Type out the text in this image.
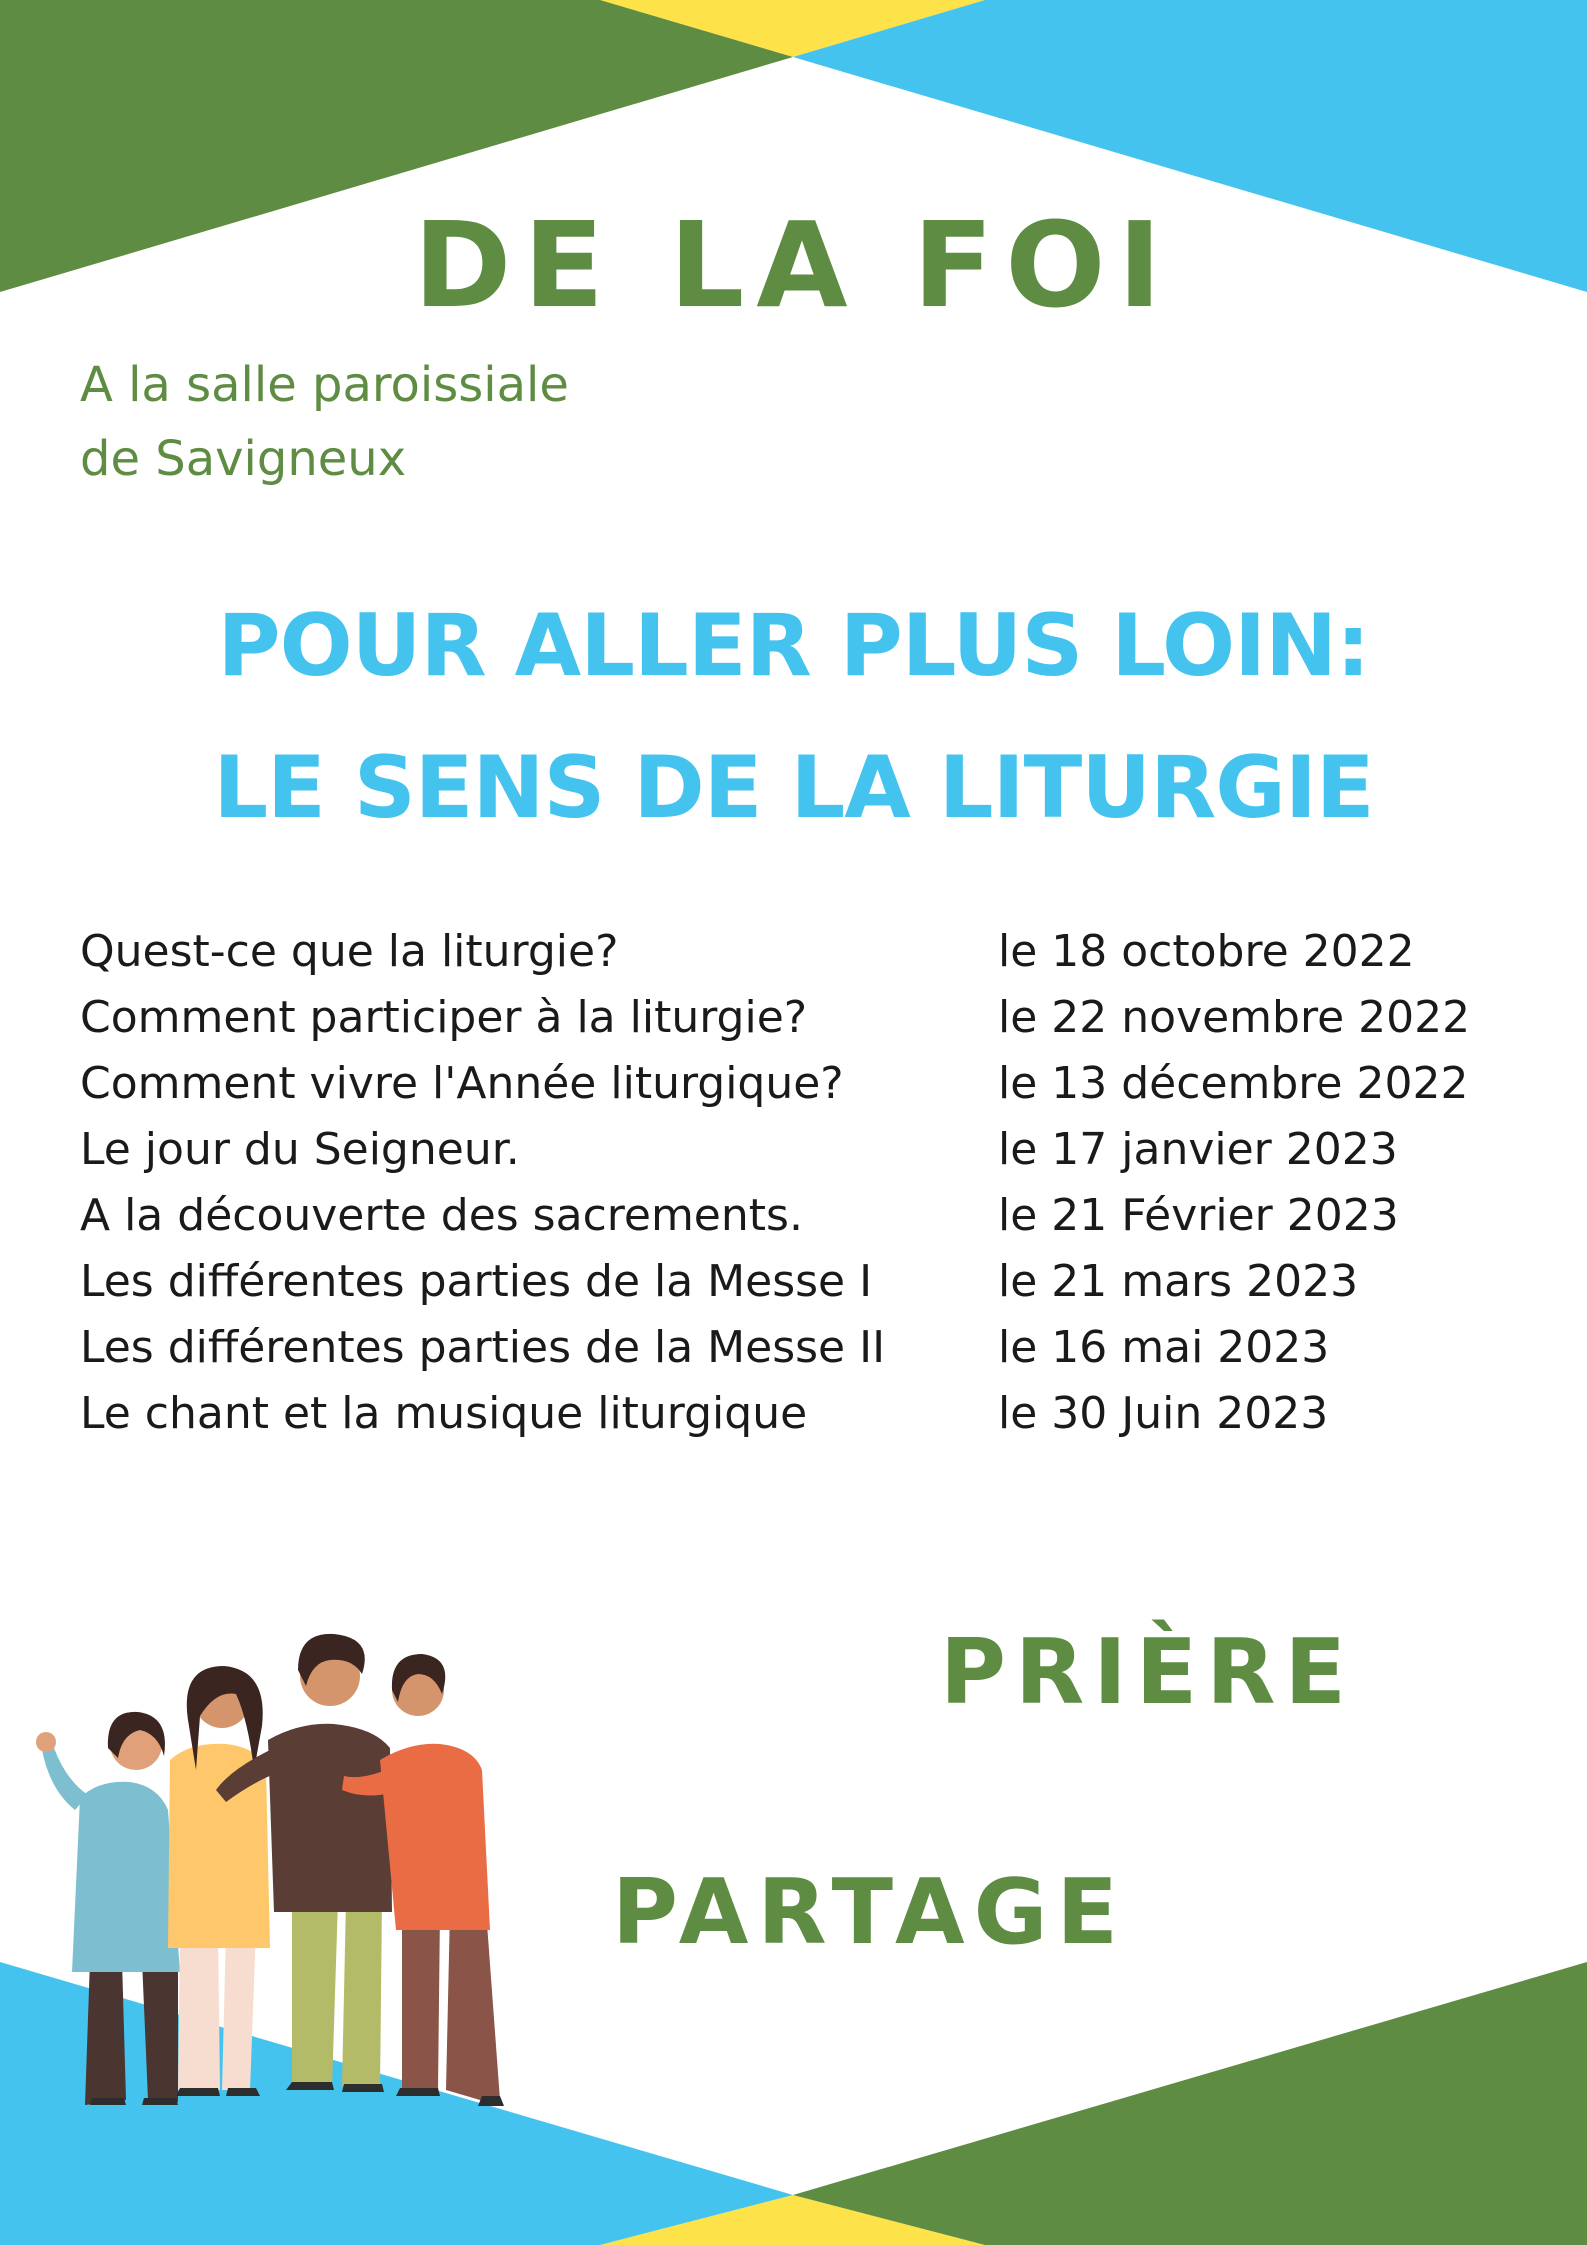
DE LA FOI
A la salle paroissiale
de Savigneux
POUR ALLER PLUS LOIN:
LE SENS DE LA LITURGIE
Quest-ce que la liturgie?	le 18 octobre 2022
Comment participer à la liturgie?	le 22 novembre 2022
Comment vivre l'Année liturgique?	le 13 décembre 2022
Le jour du Seigneur.	le 17 janvier 2023
A la découverte des sacrements.	le 21 Février 2023
Les différentes parties de la Messe I	le 21 mars 2023
Les différentes parties de la Messe II	le 16 mai 2023
Le chant et la musique liturgique	le 30 Juin 2023
PRIÈRE
PARTAGE
